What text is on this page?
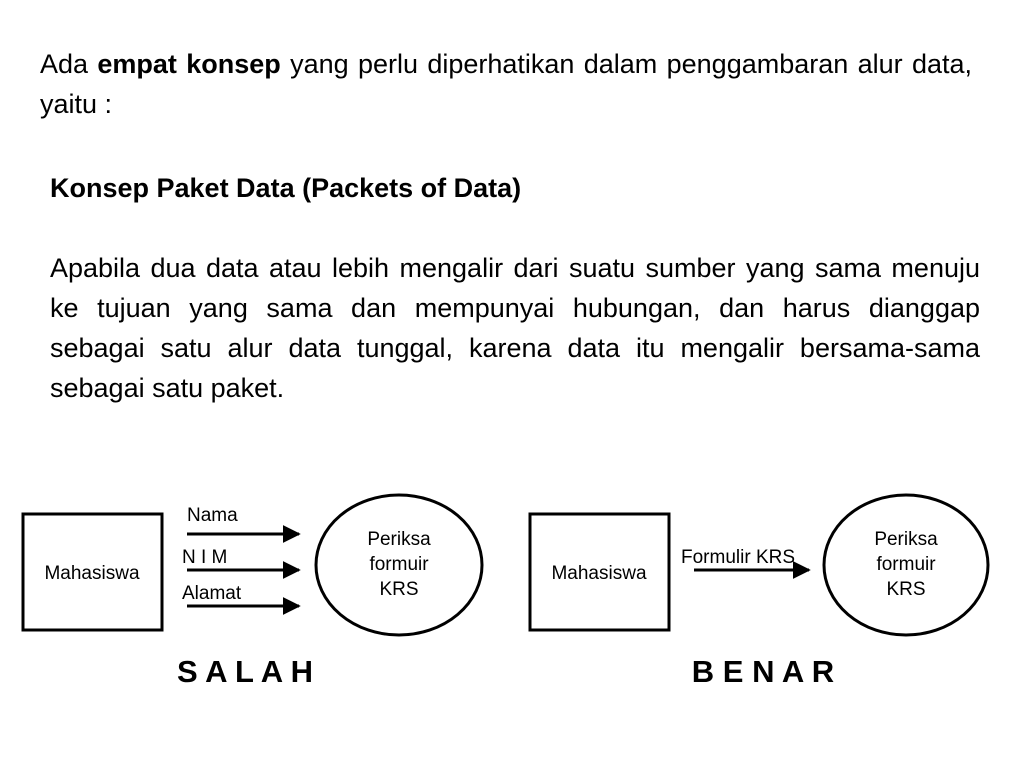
Ada empat konsep yang perlu diperhatikan dalam penggambaran alur data, yaitu :

Konsep Paket Data (Packets of Data)

Apabila dua data atau lebih mengalir dari suatu sumber yang sama menuju ke tujuan yang sama dan mempunyai hubungan, dan harus dianggap sebagai satu alur data tunggal, karena data itu mengalir bersama-sama sebagai satu paket.

Mahasiswa
Nama
N I M
Alamat
Periksa
formuir
KRS
Mahasiswa
Formulir KRS
Periksa
formuir
KRS

S A L A H	B E N A R
